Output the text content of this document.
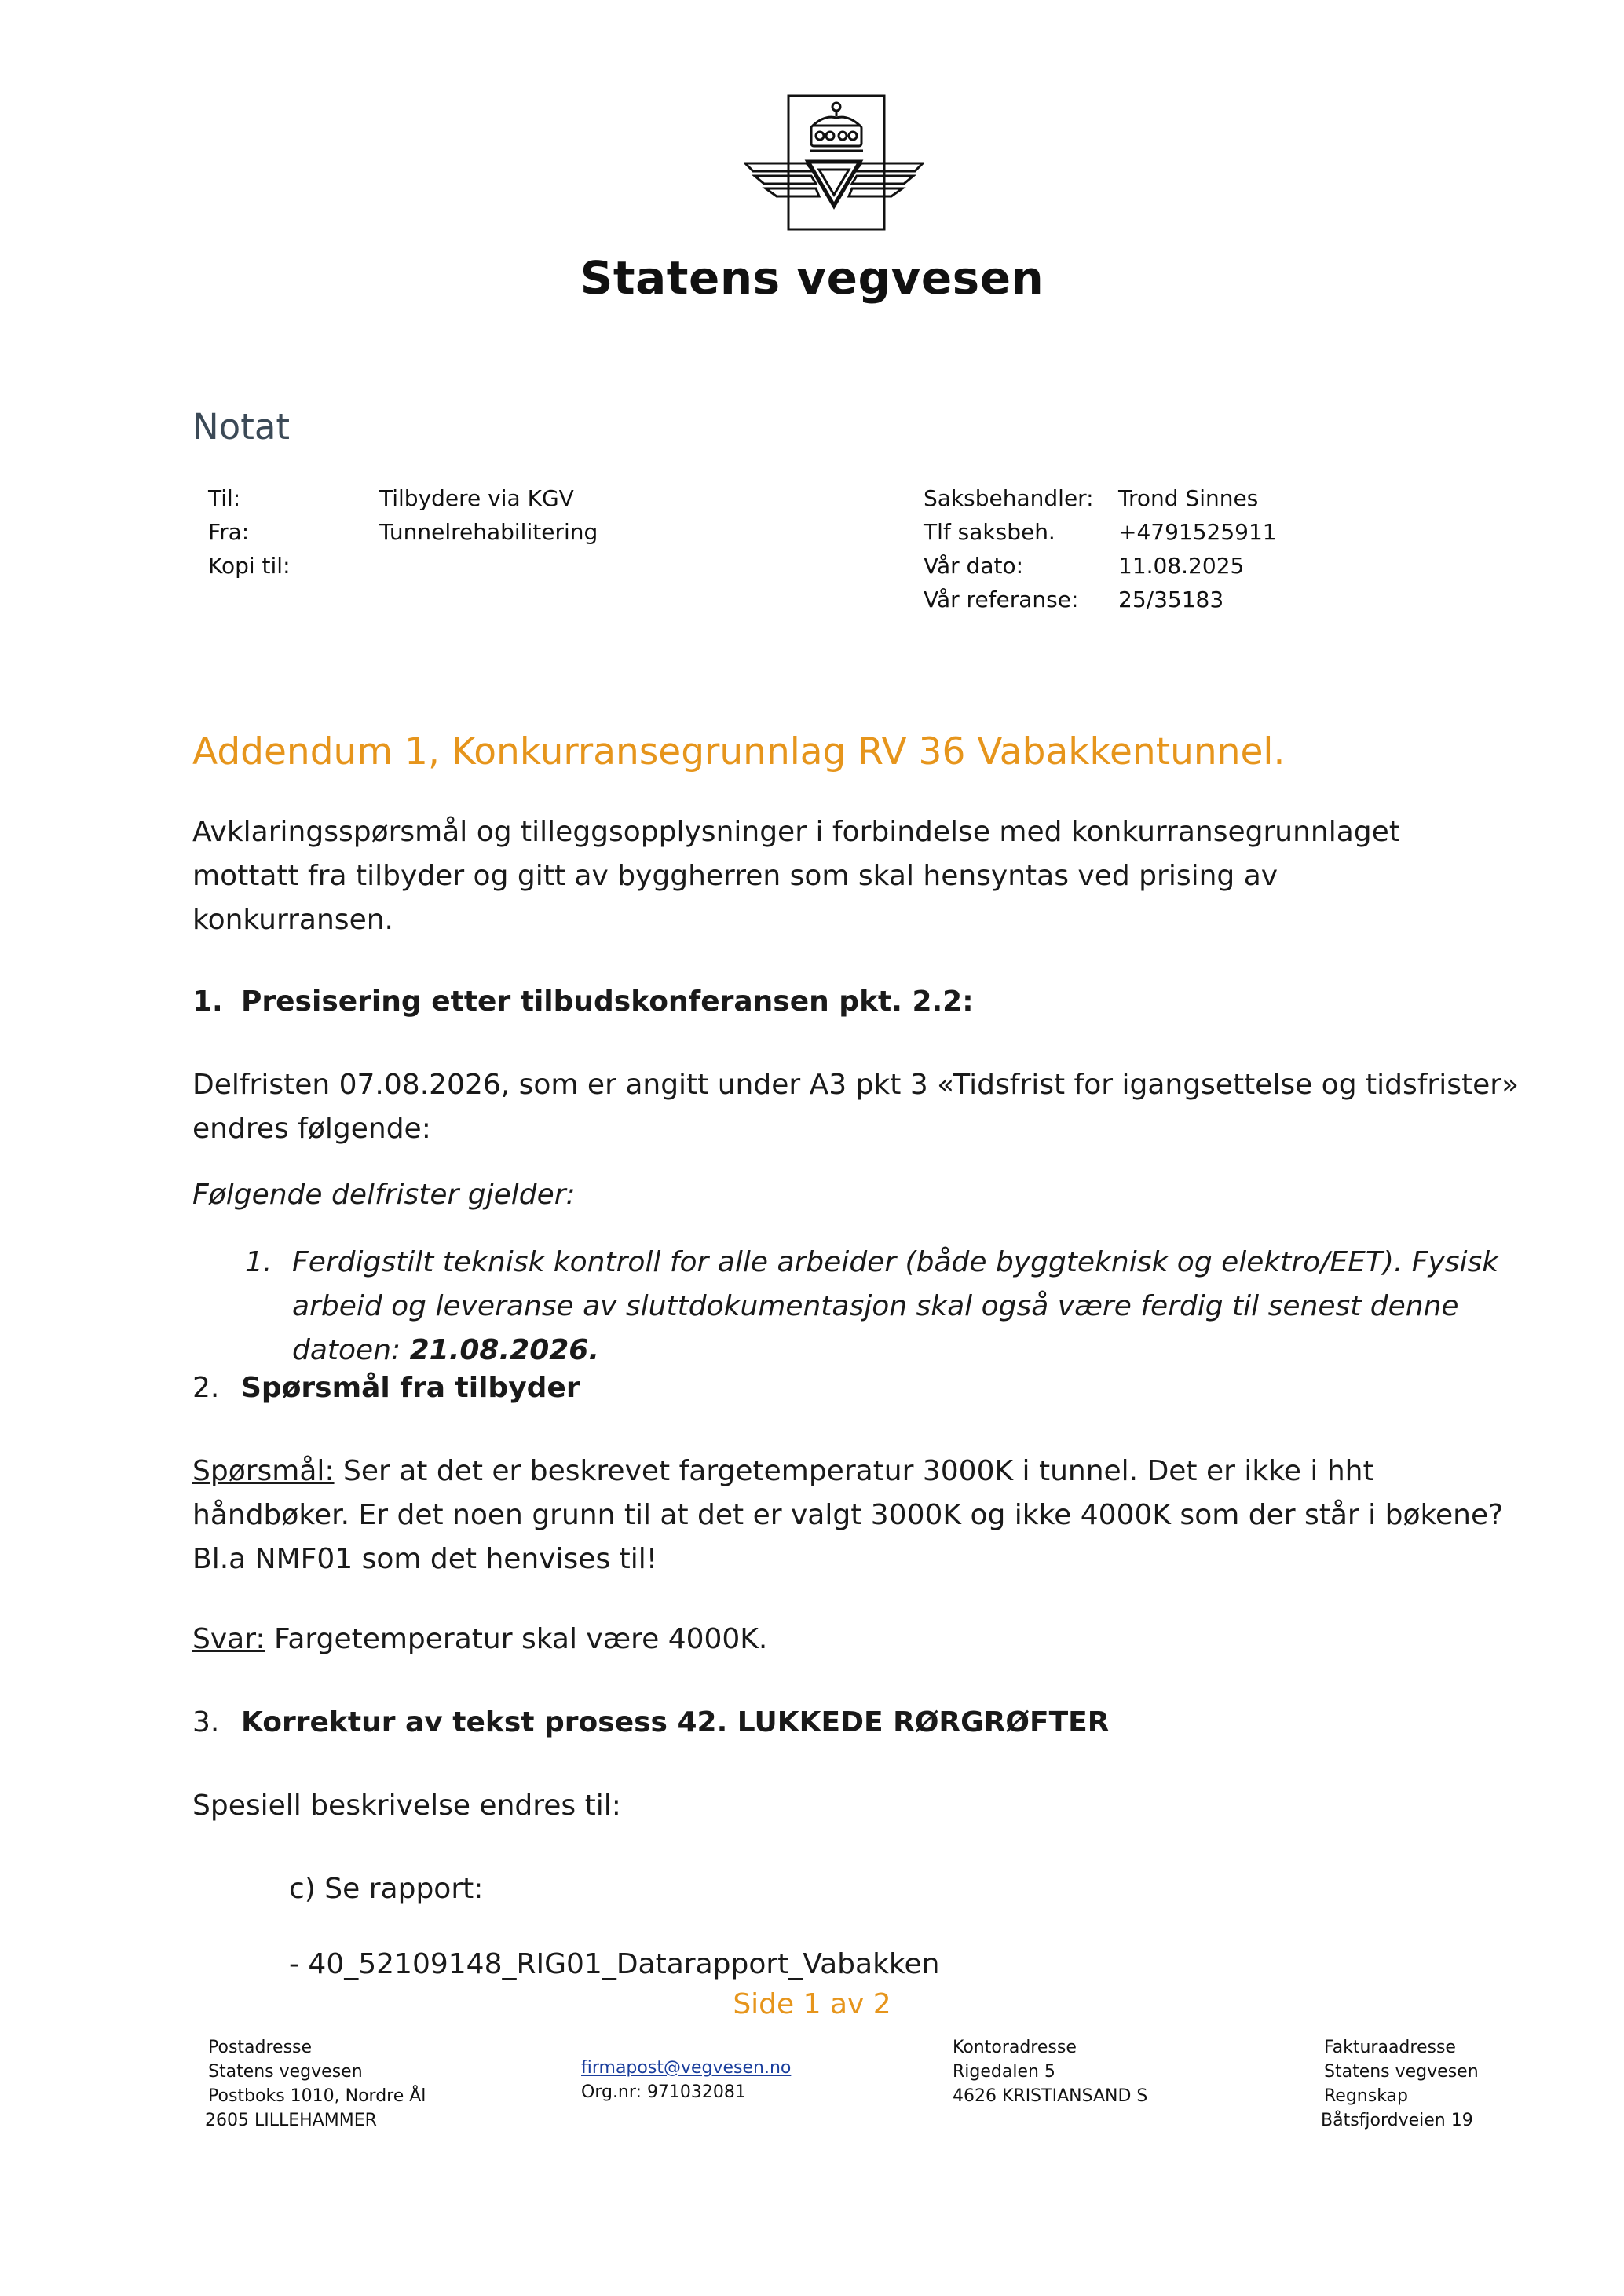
Statens vegvesen
Notat
Til:	Tilbydere via KGV
Fra:	Tunnelrehabilitering
Kopi til:
Saksbehandler: Trond Sinnes
Tlf saksbeh.	+4791525911
Vår dato:	11.08.2025
Vår referanse: 25/35183
Addendum 1, Konkurransegrunnlag RV 36 Vabakkentunnel.
Avklaringsspørsmål og tilleggsopplysninger i forbindelse med konkurransegrunnlaget
mottatt fra tilbyder og gitt av byggherren som skal hensyntas ved prising av
konkurransen.
1. Presisering etter tilbudskonferansen pkt. 2.2:
Delfristen 07.08.2026, som er angitt under A3 pkt 3 «Tidsfrist for igangsettelse og tidsfrister»
endres følgende:
Følgende delfrister gjelder:
1. Ferdigstilt teknisk kontroll for alle arbeider (både byggteknisk og elektro/EET). Fysisk
arbeid og leveranse av sluttdokumentasjon skal også være ferdig til senest denne
datoen: 21.08.2026.
2. Spørsmål fra tilbyder
Spørsmål: Ser at det er beskrevet fargetemperatur 3000K i tunnel. Det er ikke i hht
håndbøker. Er det noen grunn til at det er valgt 3000K og ikke 4000K som der står i bøkene?
Bl.a NMF01 som det henvises til!
Svar: Fargetemperatur skal være 4000K.
3. Korrektur av tekst prosess 42. LUKKEDE RØRGRØFTER
Spesiell beskrivelse endres til:
c) Se rapport:
- 40_52109148_RIG01_Datarapport_Vabakken
Side 1 av 2
Postadresse
Statens vegvesen
Postboks 1010, Nordre Ål
2605 LILLEHAMMER
firmapost@vegvesen.no
Org.nr: 971032081
Kontoradresse
Rigedalen 5
4626 KRISTIANSAND S
Fakturaadresse
Statens vegvesen
Regnskap
Båtsfjordveien 19
